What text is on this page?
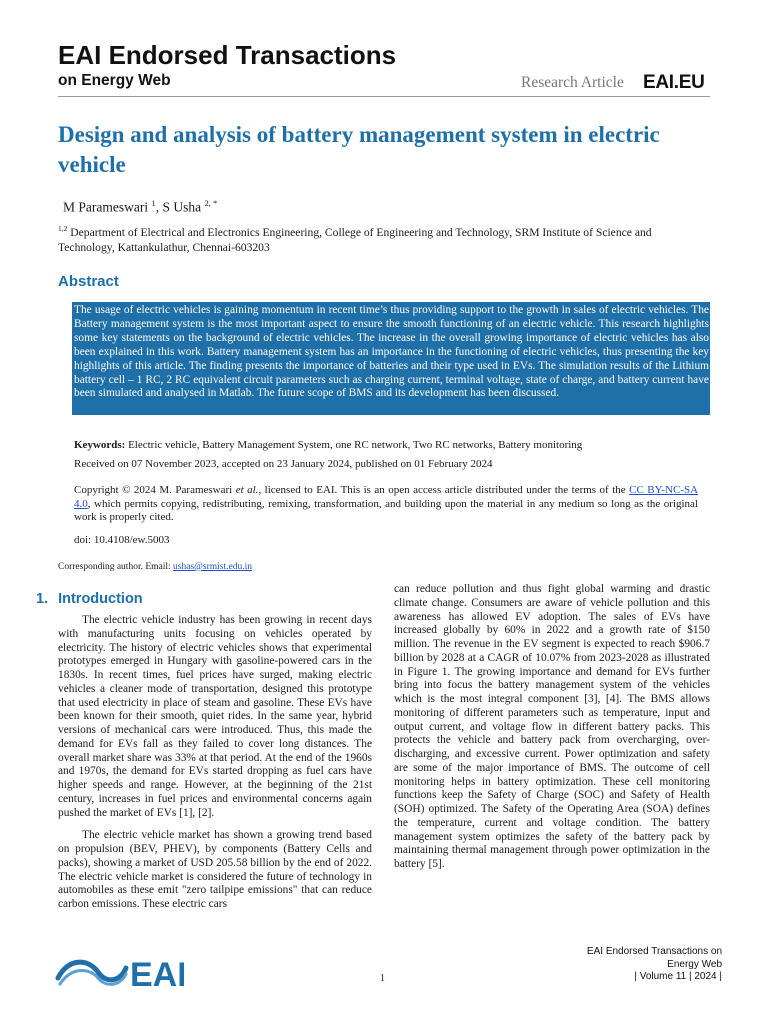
EAI Endorsed Transactions
on Energy Web	Research Article EAI.EU
Design and analysis of battery management system in electric vehicle
M Parameswari $^1$, S Usha $^{2, *}$
$^{1,2}$ Department of Electrical and Electronics Engineering, College of Engineering and Technology, SRM Institute of Science and Technology, Kattankulathur, Chennai-603203
Abstract
The usage of electric vehicles is gaining momentum in recent time’s thus providing support to the growth in sales of electric vehicles. The Battery management system is the most important aspect to ensure the smooth functioning of an electric vehicle. This research highlights some key statements on the background of electric vehicles. The increase in the overall growing importance of electric vehicles has also been explained in this work. Battery management system has an importance in the functioning of electric vehicles, thus presenting the key highlights of this article. The finding presents the importance of batteries and their type used in EVs. The simulation results of the Lithium battery cell – 1 RC, 2 RC equivalent circuit parameters such as charging current, terminal voltage, state of charge, and battery current have been simulated and analysed in Matlab. The future scope of BMS and its development has been discussed.
Keywords: Electric vehicle, Battery Management System, one RC network, Two RC networks, Battery monitoring
Received on 07 November 2023, accepted on 23 January 2024, published on 01 February 2024
Copyright © 2024 M. Parameswari et al., licensed to EAI. This is an open access article distributed under the terms of the CC BY-NC-SA 4.0, which permits copying, redistributing, remixing, transformation, and building upon the material in any medium so long as the original work is properly cited.
doi: 10.4108/ew.5003
Corresponding author. Email: ushas@srmist.edu.in
1. Introduction

The electric vehicle industry has been growing in recent days with manufacturing units focusing on vehicles operated by electricity. The history of electric vehicles shows that experimental prototypes emerged in Hungary with gasoline-powered cars in the 1830s. In recent times, fuel prices have surged, making electric vehicles a cleaner mode of transportation, designed this prototype that used electricity in place of steam and gasoline. These EVs have been known for their smooth, quiet rides. In the same year, hybrid versions of mechanical cars were introduced. Thus, this made the demand for EVs fall as they failed to cover long distances. The overall market share was 33% at that period. At the end of the 1960s and 1970s, the demand for EVs started dropping as fuel cars have higher speeds and range. However, at the beginning of the 21st century, increases in fuel prices and environmental concerns again pushed the market of EVs [1], [2].

The electric vehicle market has shown a growing trend based on propulsion (BEV, PHEV), by components (Battery Cells and packs), showing a market of USD 205.58 billion by the end of 2022. The electric vehicle market is considered the future of technology in automobiles as these emit "zero tailpipe emissions" that can reduce carbon emissions. These electric cars

can reduce pollution and thus fight global warming and drastic climate change. Consumers are aware of vehicle pollution and this awareness has allowed EV adoption. The sales of EVs have increased globally by 60% in 2022 and a growth rate of $150 million. The revenue in the EV segment is expected to reach $906.7 billion by 2028 at a CAGR of 10.07% from 2023-2028 as illustrated in Figure 1. The growing importance and demand for EVs further bring into focus the battery management system of the vehicles which is the most integral component [3], [4]. The BMS allows monitoring of different parameters such as temperature, input and output current, and voltage flow in different battery packs. This protects the vehicle and battery pack from overcharging, over-discharging, and excessive current. Power optimization and safety are some of the major importance of BMS. The outcome of cell monitoring helps in battery optimization. These cell monitoring functions keep the Safety of Charge (SOC) and Safety of Health (SOH) optimized. The Safety of the Operating Area (SOA) defines the temperature, current and voltage condition. The battery management system optimizes the safety of the battery pack by maintaining thermal management through power optimization in the battery [5].

EAI	1
EAI Endorsed Transactions on
Energy Web
| Volume 11 | 2024 |
